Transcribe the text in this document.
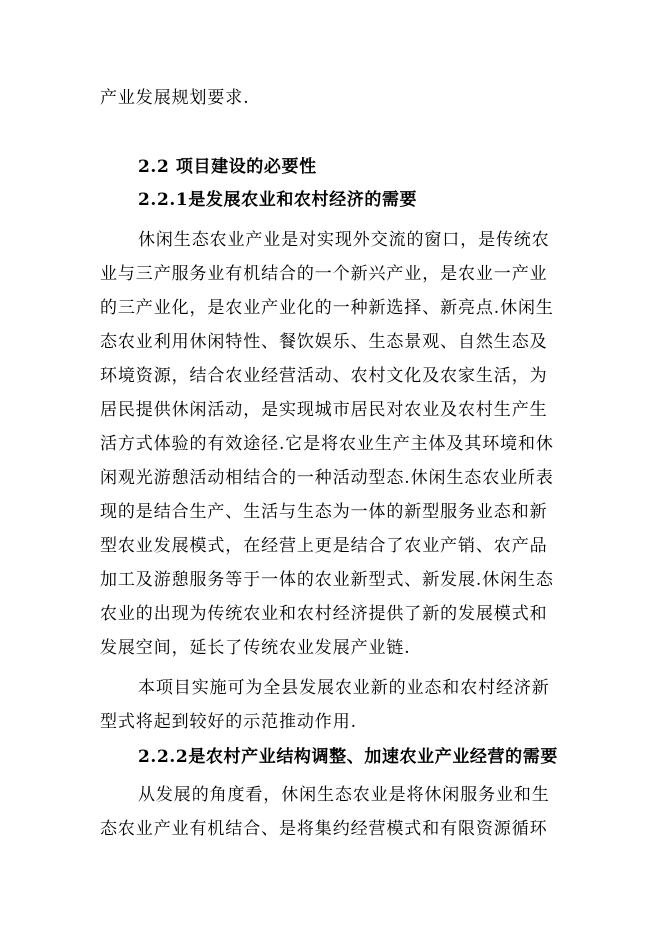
产业发展规划要求.
2.2 项目建设的必要性
2.2.1是发展农业和农村经济的需要
休闲生态农业产业是对实现外交流的窗口，是传统农
业与三产服务业有机结合的一个新兴产业，是农业一产业
的三产业化，是农业产业化的一种新选择、新亮点.休闲生
态农业利用休闲特性、餐饮娱乐、生态景观、自然生态及
环境资源，结合农业经营活动、农村文化及农家生活，为
居民提供休闲活动，是实现城市居民对农业及农村生产生
活方式体验的有效途径.它是将农业生产主体及其环境和休
闲观光游憩活动相结合的一种活动型态.休闲生态农业所表
现的是结合生产、生活与生态为一体的新型服务业态和新
型农业发展模式，在经营上更是结合了农业产销、农产品
加工及游憩服务等于一体的农业新型式、新发展.休闲生态
农业的出现为传统农业和农村经济提供了新的发展模式和
发展空间，延长了传统农业发展产业链.
本项目实施可为全县发展农业新的业态和农村经济新
型式将起到较好的示范推动作用.
2.2.2是农村产业结构调整、加速农业产业经营的需要
从发展的角度看，休闲生态农业是将休闲服务业和生
态农业产业有机结合、是将集约经营模式和有限资源循环
